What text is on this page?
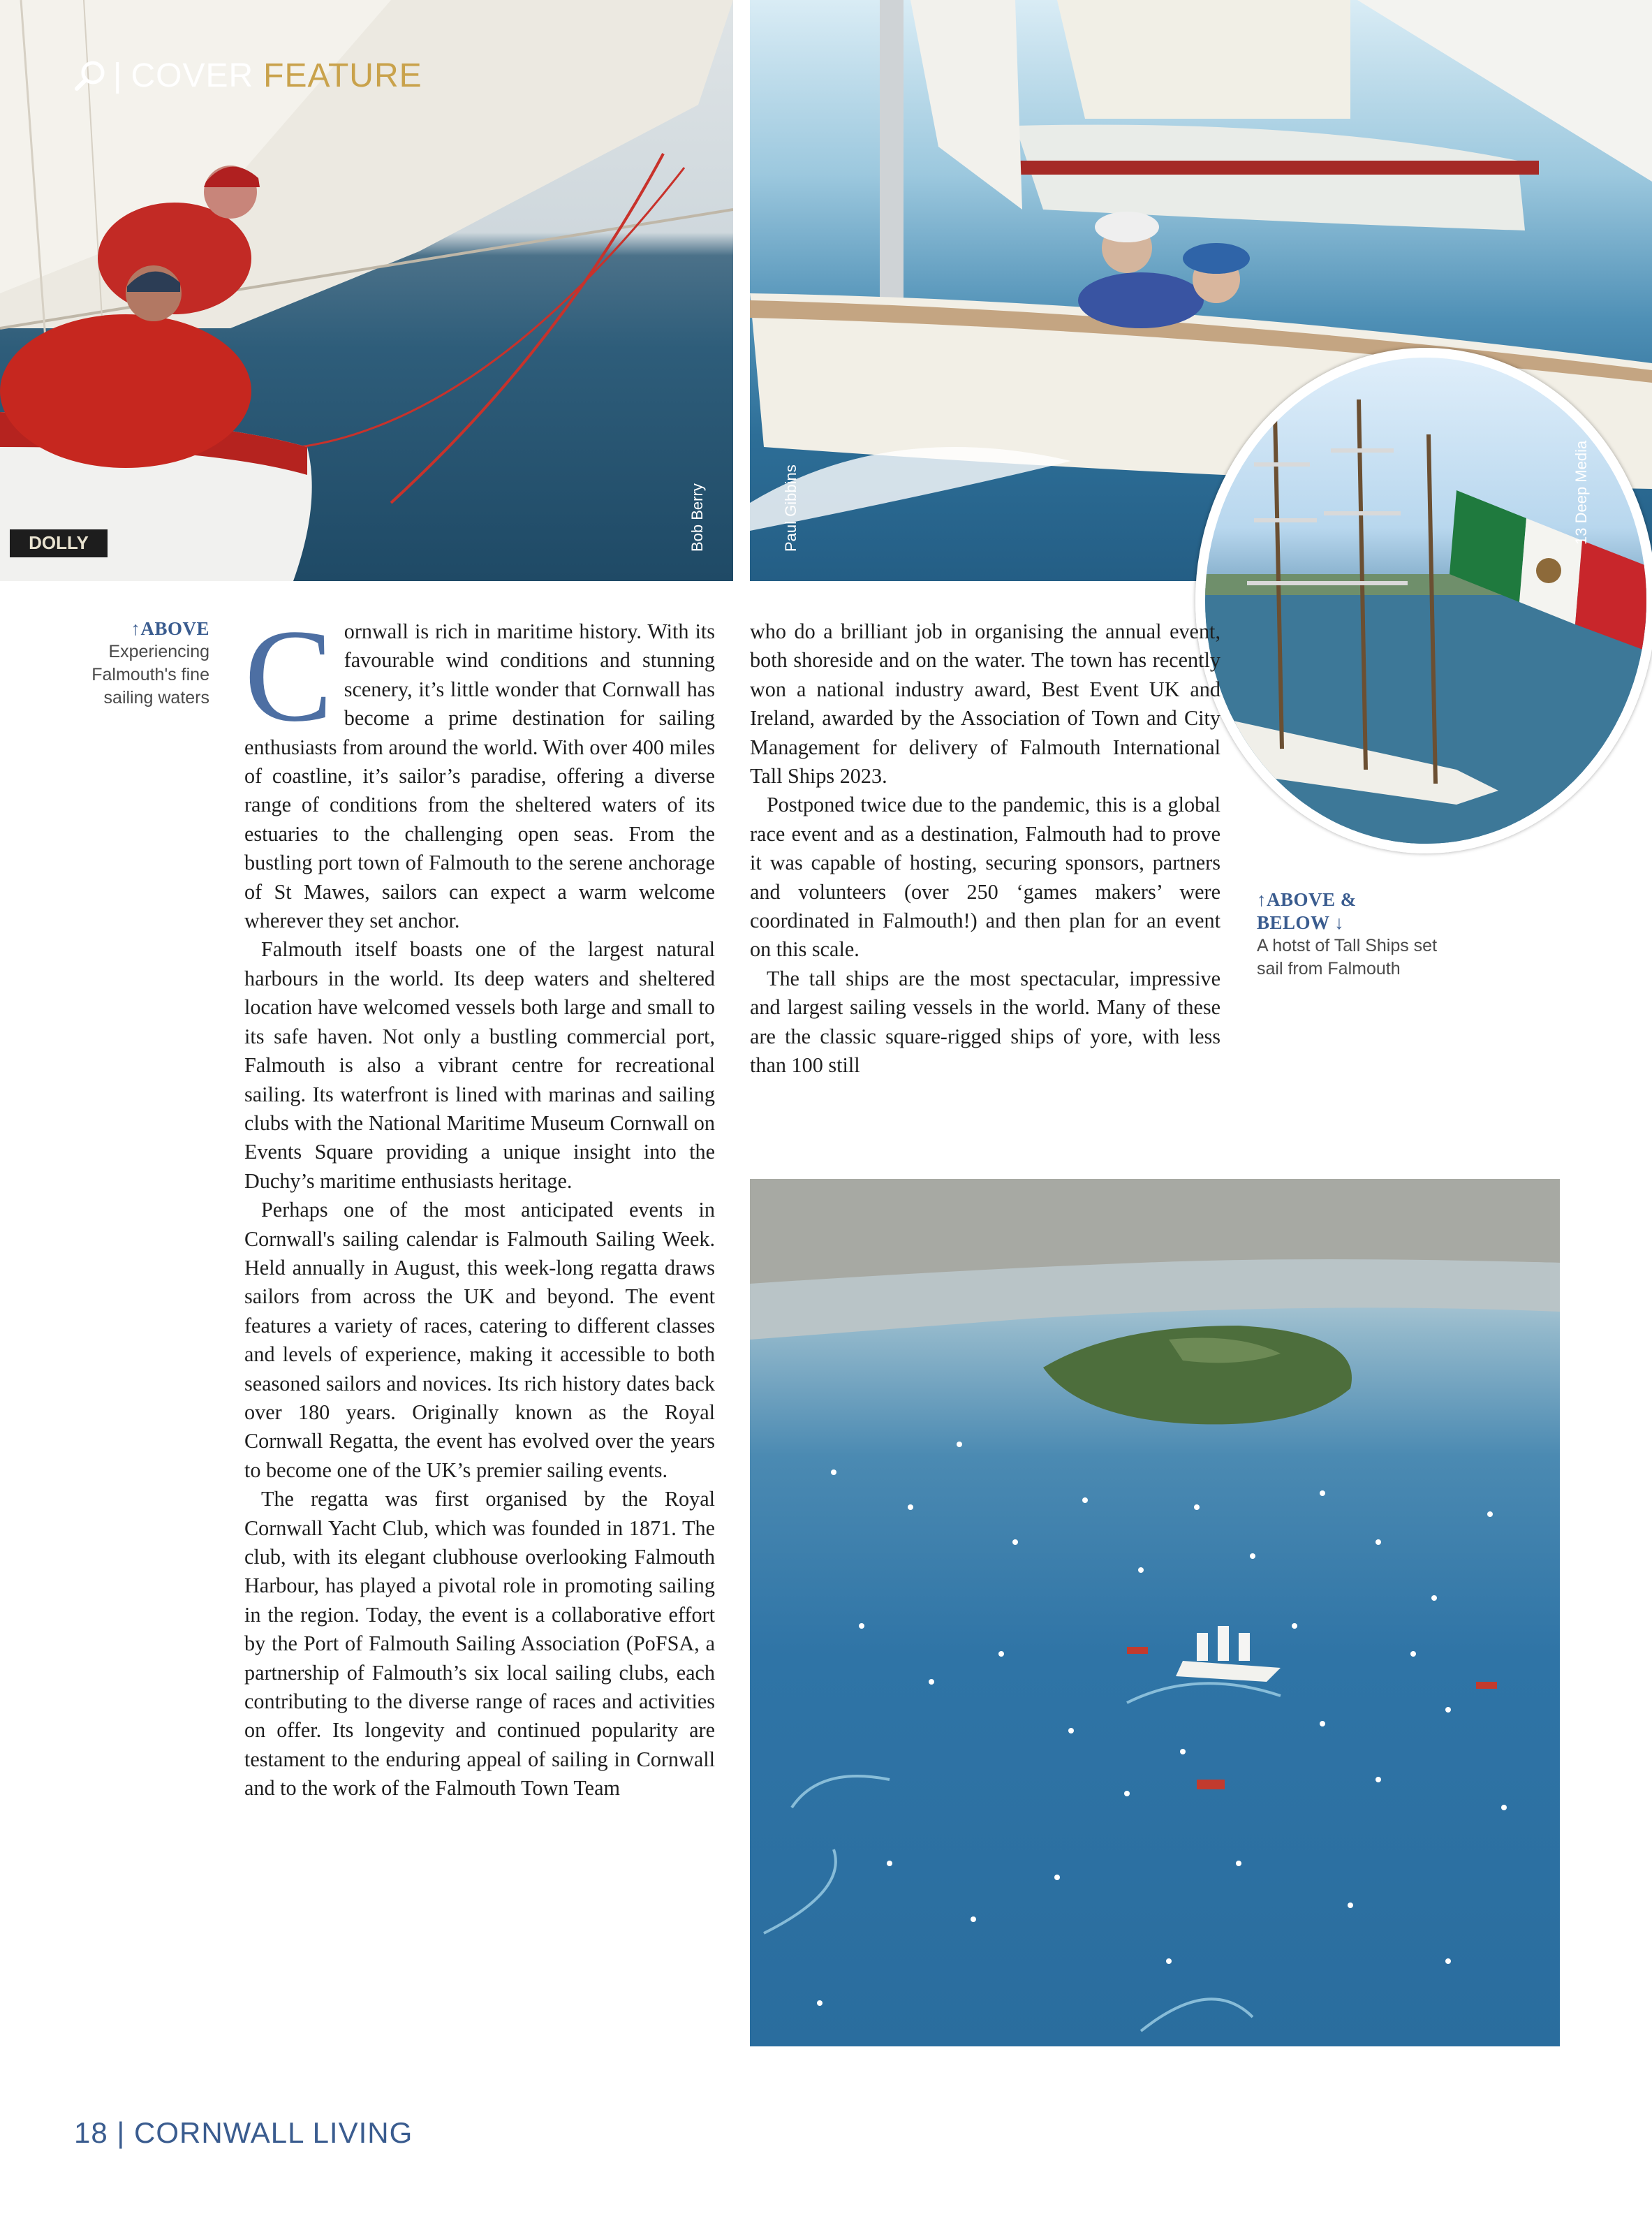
DOLLY	Bob Berry	Paul Gibbins	13 Deep Media
| COVER FEATURE
↑ABOVE
Experiencing Falmouth's fine sailing waters
↑ABOVE &
BELOW ↓
A hotst of Tall Ships set sail from Falmouth

Cornwall is rich in maritime history. With its favourable wind conditions and stunning scenery, it’s little wonder that Cornwall has become a prime destination for sailing enthusiasts from around the world. With over 400 miles of coastline, it’s sailor’s paradise, offering a diverse range of conditions from the sheltered waters of its estuaries to the challenging open seas. From the bustling port town of Falmouth to the serene anchorage of St Mawes, sailors can expect a warm welcome wherever they set anchor.

Falmouth itself boasts one of the largest natural harbours in the world. Its deep waters and sheltered location have welcomed vessels both large and small to its safe haven. Not only a bustling commercial port, Falmouth is also a vibrant centre for recreational sailing. Its waterfront is lined with marinas and sailing clubs with the National Maritime Museum Cornwall on Events Square providing a unique insight into the Duchy’s maritime enthusiasts heritage.

Perhaps one of the most anticipated events in Cornwall's sailing calendar is Falmouth Sailing Week. Held annually in August, this week-long regatta draws sailors from across the UK and beyond. The event features a variety of races, catering to different classes and levels of experience, making it accessible to both seasoned sailors and novices. Its rich history dates back over 180 years. Originally known as the Royal Cornwall Regatta, the event has evolved over the years to become one of the UK’s premier sailing events.

The regatta was first organised by the Royal Cornwall Yacht Club, which was founded in 1871. The club, with its elegant clubhouse overlooking Falmouth Harbour, has played a pivotal role in promoting sailing in the region. Today, the event is a collaborative effort by the Port of Falmouth Sailing Association (PoFSA, a partnership of Falmouth’s six local sailing clubs, each contributing to the diverse range of races and activities on offer. Its longevity and continued popularity are testament to the enduring appeal of sailing in Cornwall and to the work of the Falmouth Town Team

who do a brilliant job in organising the annual event, both shoreside and on the water. The town has recently won a national industry award, Best Event UK and Ireland, awarded by the Association of Town and City Management for delivery of Falmouth International Tall Ships 2023.

Postponed twice due to the pandemic, this is a global race event and as a destination, Falmouth had to prove it was capable of hosting, securing sponsors, partners and volunteers (over 250 ‘games makers’ were coordinated in Falmouth!) and then plan for an event on this scale.

The tall ships are the most spectacular, impressive and largest sailing vessels in the world. Many of these are the classic square-rigged ships of yore, with less than 100 still

18 | CORNWALL LIVING
